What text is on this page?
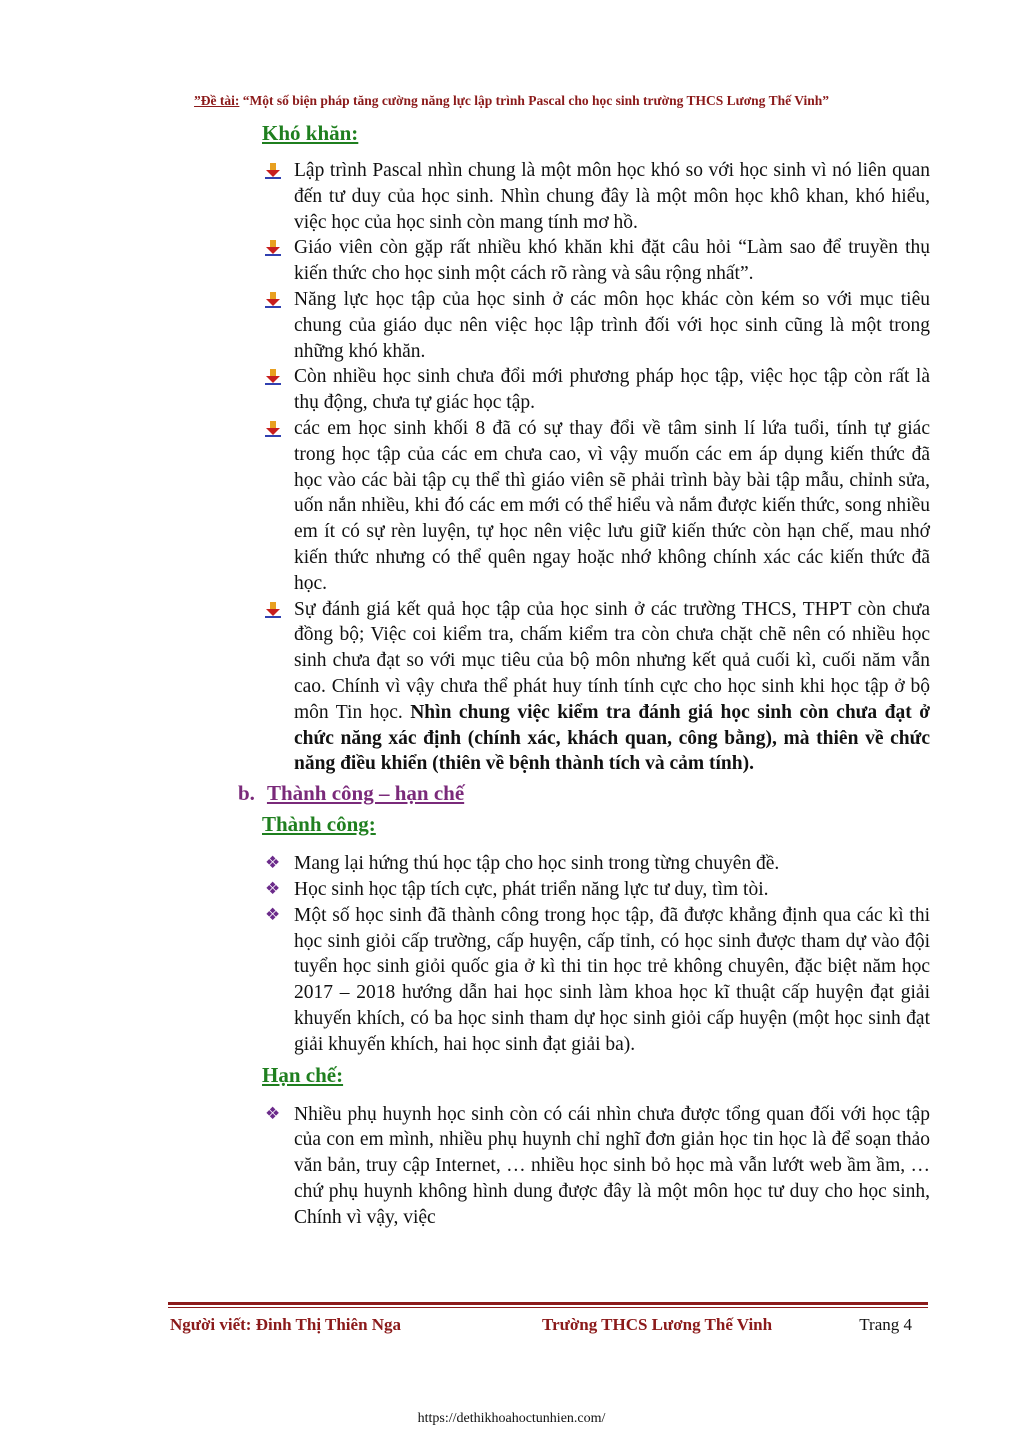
”Đề tài: “Một số biện pháp tăng cường năng lực lập trình Pascal cho học sinh trường THCS Lương Thế Vinh”
Khó khăn:
Lập trình Pascal nhìn chung là một môn học khó so với học sinh vì nó liên quan đến tư duy của học sinh. Nhìn chung đây là một môn học khô khan, khó hiểu, việc học của học sinh còn mang tính mơ hồ.
Giáo viên còn gặp rất nhiều khó khăn khi đặt câu hỏi “Làm sao để truyền thụ kiến thức cho học sinh một cách rõ ràng và sâu rộng nhất”.
Năng lực học tập của học sinh ở các môn học khác còn kém so với mục tiêu chung của giáo dục nên việc học lập trình đối với học sinh cũng là một trong những khó khăn.
Còn nhiều học sinh chưa đổi mới phương pháp học tập, việc học tập còn rất là thụ động, chưa tự giác học tập.
các em học sinh khối 8 đã có sự thay đổi về tâm sinh lí lứa tuổi, tính tự giác trong học tập của các em chưa cao, vì vậy muốn các em áp dụng kiến thức đã học vào các bài tập cụ thể thì giáo viên sẽ phải trình bày bài tập mẫu, chỉnh sửa, uốn nắn nhiều, khi đó các em mới có thể hiểu và nắm được kiến thức, song nhiều em ít có sự rèn luyện, tự học nên việc lưu giữ kiến thức còn hạn chế, mau nhớ kiến thức nhưng có thể quên ngay hoặc nhớ không chính xác các kiến thức đã học.
Sự đánh giá kết quả học tập của học sinh ở các trường THCS, THPT còn chưa đồng bộ; Việc coi kiểm tra, chấm kiểm tra còn chưa chặt chẽ nên có nhiều học sinh chưa đạt so với mục tiêu của bộ môn nhưng kết quả cuối kì, cuối năm vẫn cao. Chính vì vậy chưa thể phát huy tính tính cực cho học sinh khi học tập ở bộ môn Tin học. Nhìn chung việc kiểm tra đánh giá học sinh còn chưa đạt ở chức năng xác định (chính xác, khách quan, công bằng), mà thiên về chức năng điều khiển (thiên về bệnh thành tích và cảm tính).
b. Thành công – hạn chế
Thành công:
❖ Mang lại hứng thú học tập cho học sinh trong từng chuyên đề.
❖ Học sinh học tập tích cực, phát triển năng lực tư duy, tìm tòi.
❖ Một số học sinh đã thành công trong học tập, đã được khẳng định qua các kì thi học sinh giỏi cấp trường, cấp huyện, cấp tỉnh, có học sinh được tham dự vào đội tuyển học sinh giỏi quốc gia ở kì thi tin học trẻ không chuyên, đặc biệt năm học 2017 – 2018 hướng dẫn hai học sinh làm khoa học kĩ thuật cấp huyện đạt giải khuyến khích, có ba học sinh tham dự học sinh giỏi cấp huyện (một học sinh đạt giải khuyến khích, hai học sinh đạt giải ba).
Hạn chế:
❖ Nhiều phụ huynh học sinh còn có cái nhìn chưa được tổng quan đối với học tập của con em mình, nhiều phụ huynh chỉ nghĩ đơn giản học tin học là để soạn thảo văn bản, truy cập Internet, … nhiều học sinh bỏ học mà vẫn lướt web ầm ầm, … chứ phụ huynh không hình dung được đây là một môn học tư duy cho học sinh, Chính vì vậy, việc
Người viết: Đinh Thị Thiên Nga	Trường THCS Lương Thế Vinh	Trang 4
https://dethikhoahoctunhien.com/
